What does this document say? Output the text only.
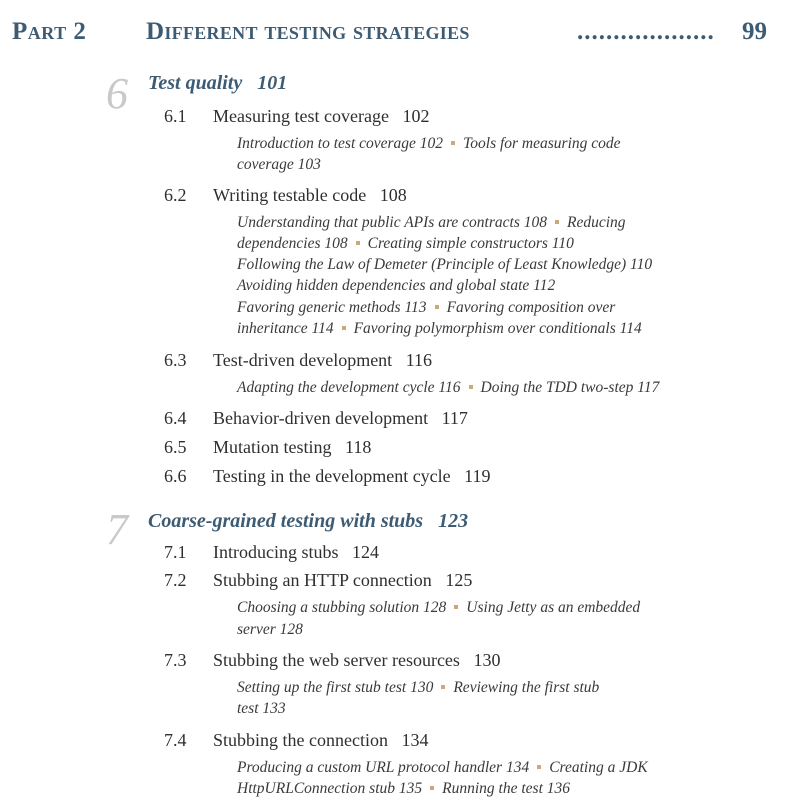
Part 2 Different testing strategies	................... 99
6 Test quality 101
6.1 Measuring test coverage 102
Introduction to test coverage 102 Tools for measuring code
coverage 103
6.2 Writing testable code 108
Understanding that public APIs are contracts 108 Reducing
dependencies 108 Creating simple constructors 110
Following the Law of Demeter (Principle of Least Knowledge) 110
Avoiding hidden dependencies and global state 112
Favoring generic methods 113 Favoring composition over
inheritance 114 Favoring polymorphism over conditionals 114
6.3 Test-driven development 116
Adapting the development cycle 116 Doing the TDD two-step 117
6.4 Behavior-driven development 117
6.5 Mutation testing 118
6.6 Testing in the development cycle 119
7 Coarse-grained testing with stubs 123
7.1 Introducing stubs 124
7.2 Stubbing an HTTP connection 125
Choosing a stubbing solution 128 Using Jetty as an embedded
server 128
7.3 Stubbing the web server resources 130
Setting up the first stub test 130 Reviewing the first stub
test 133
7.4 Stubbing the connection 134
Producing a custom URL protocol handler 134 Creating a JDK
HttpURLConnection stub 135 Running the test 136
